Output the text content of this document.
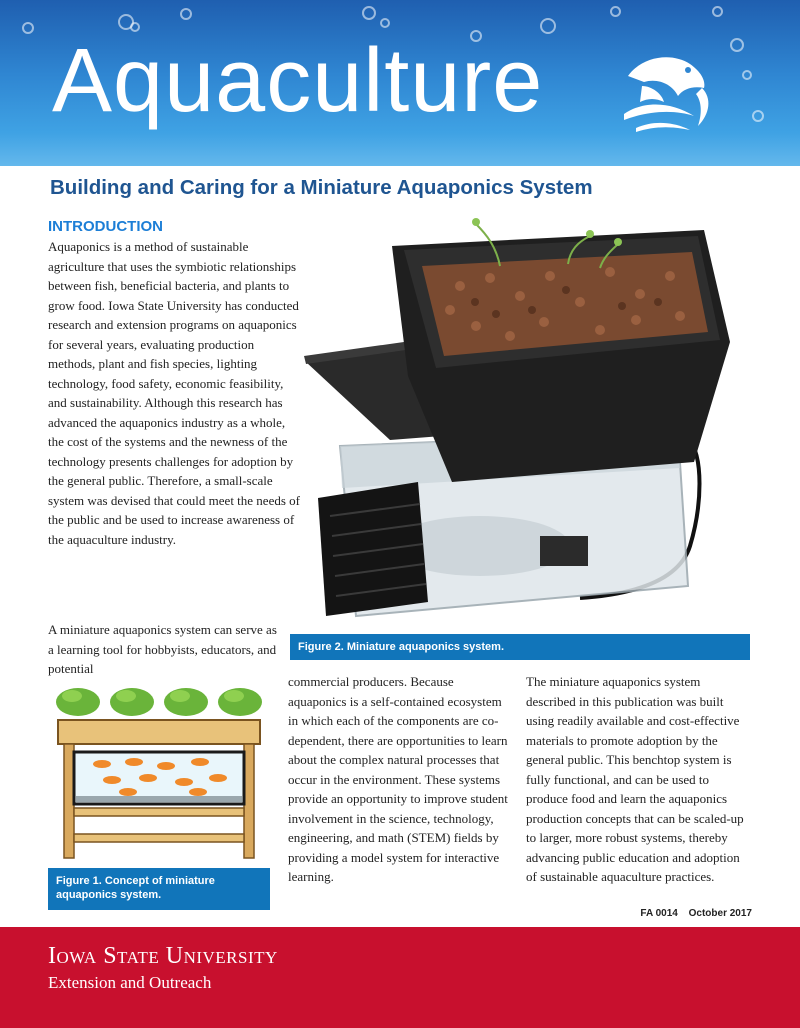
Aquaculture
Building and Caring for a Miniature Aquaponics System
INTRODUCTION
Aquaponics is a method of sustainable agriculture that uses the symbiotic relationships between fish, beneficial bacteria, and plants to grow food. Iowa State University has conducted research and extension programs on aquaponics for several years, evaluating production methods, plant and fish species, lighting technology, food safety, economic feasibility, and sustainability. Although this research has advanced the aquaponics industry as a whole, the cost of the systems and the newness of the technology presents challenges for adoption by the general public. Therefore, a small-scale system was devised that could meet the needs of the public and be used to increase awareness of the aquaculture industry.
A miniature aquaponics system can serve as a learning tool for hobbyists, educators, and potential
Figure 2. Miniature aquaponics system.
Figure 1. Concept of miniature aquaponics system.
commercial producers. Because aquaponics is a self-contained ecosystem in which each of the components are co-dependent, there are opportunities to learn about the complex natural processes that occur in the environment. These systems provide an opportunity to improve student involvement in the science, technology, engineering, and math (STEM) fields by providing a model system for interactive learning.
The miniature aquaponics system described in this publication was built using readily available and cost-effective materials to promote adoption by the general public. This benchtop system is fully functional, and can be used to produce food and learn the aquaponics production concepts that can be scaled-up to larger, more robust systems, thereby advancing public education and adoption of sustainable aquaculture practices.
FA 0014 October 2017
Iowa State University
Extension and Outreach
